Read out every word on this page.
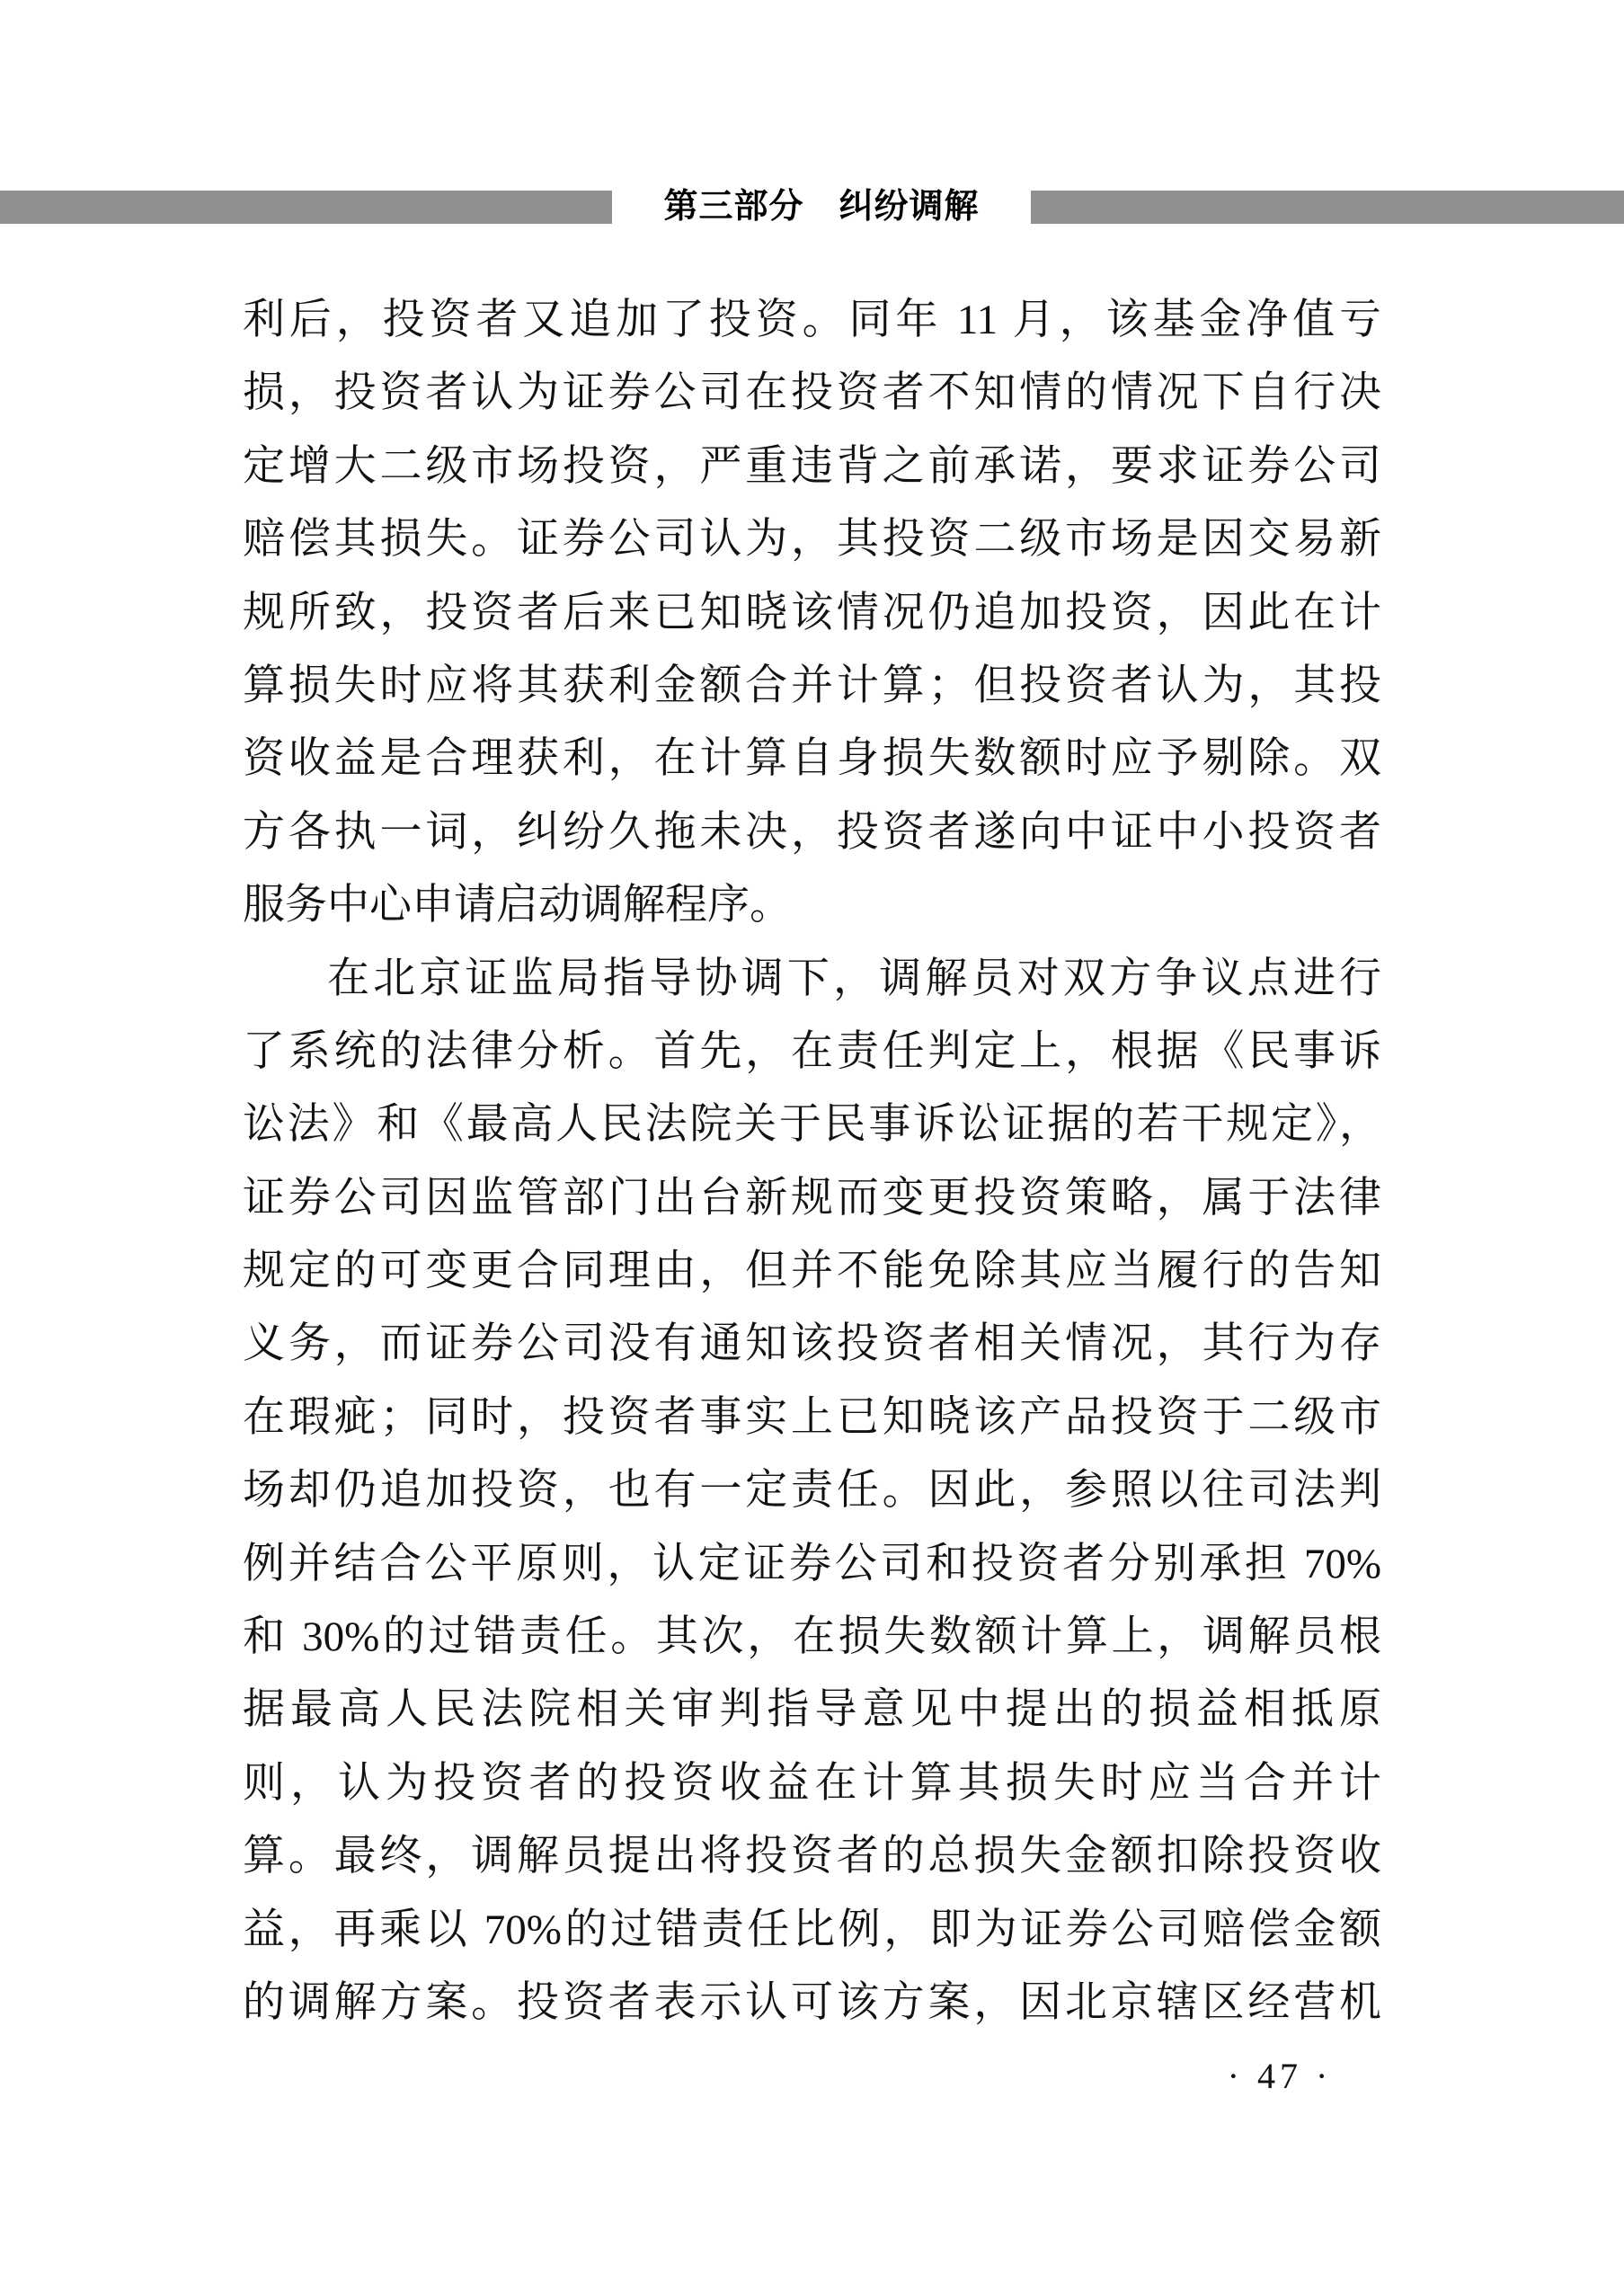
第三部分　纠纷调解
利后，投资者又追加了投资。同年 11 月，该基金净值亏
损，投资者认为证券公司在投资者不知情的情况下自行决
定增大二级市场投资，严重违背之前承诺，要求证券公司
赔偿其损失。证券公司认为，其投资二级市场是因交易新
规所致，投资者后来已知晓该情况仍追加投资，因此在计
算损失时应将其获利金额合并计算；但投资者认为，其投
资收益是合理获利，在计算自身损失数额时应予剔除。双
方各执一词，纠纷久拖未决，投资者遂向中证中小投资者
服务中心申请启动调解程序。
在北京证监局指导协调下，调解员对双方争议点进行
了系统的法律分析。首先，在责任判定上，根据《民事诉
讼法》和《最高人民法院关于民事诉讼证据的若干规定》，
证券公司因监管部门出台新规而变更投资策略，属于法律
规定的可变更合同理由，但并不能免除其应当履行的告知
义务，而证券公司没有通知该投资者相关情况，其行为存
在瑕疵；同时，投资者事实上已知晓该产品投资于二级市
场却仍追加投资，也有一定责任。因此，参照以往司法判
例并结合公平原则，认定证券公司和投资者分别承担 70%
和 30%的过错责任。其次，在损失数额计算上，调解员根
据最高人民法院相关审判指导意见中提出的损益相抵原
则，认为投资者的投资收益在计算其损失时应当合并计
算。最终，调解员提出将投资者的总损失金额扣除投资收
益，再乘以 70%的过错责任比例，即为证券公司赔偿金额
的调解方案。投资者表示认可该方案，因北京辖区经营机
· 47 ·
